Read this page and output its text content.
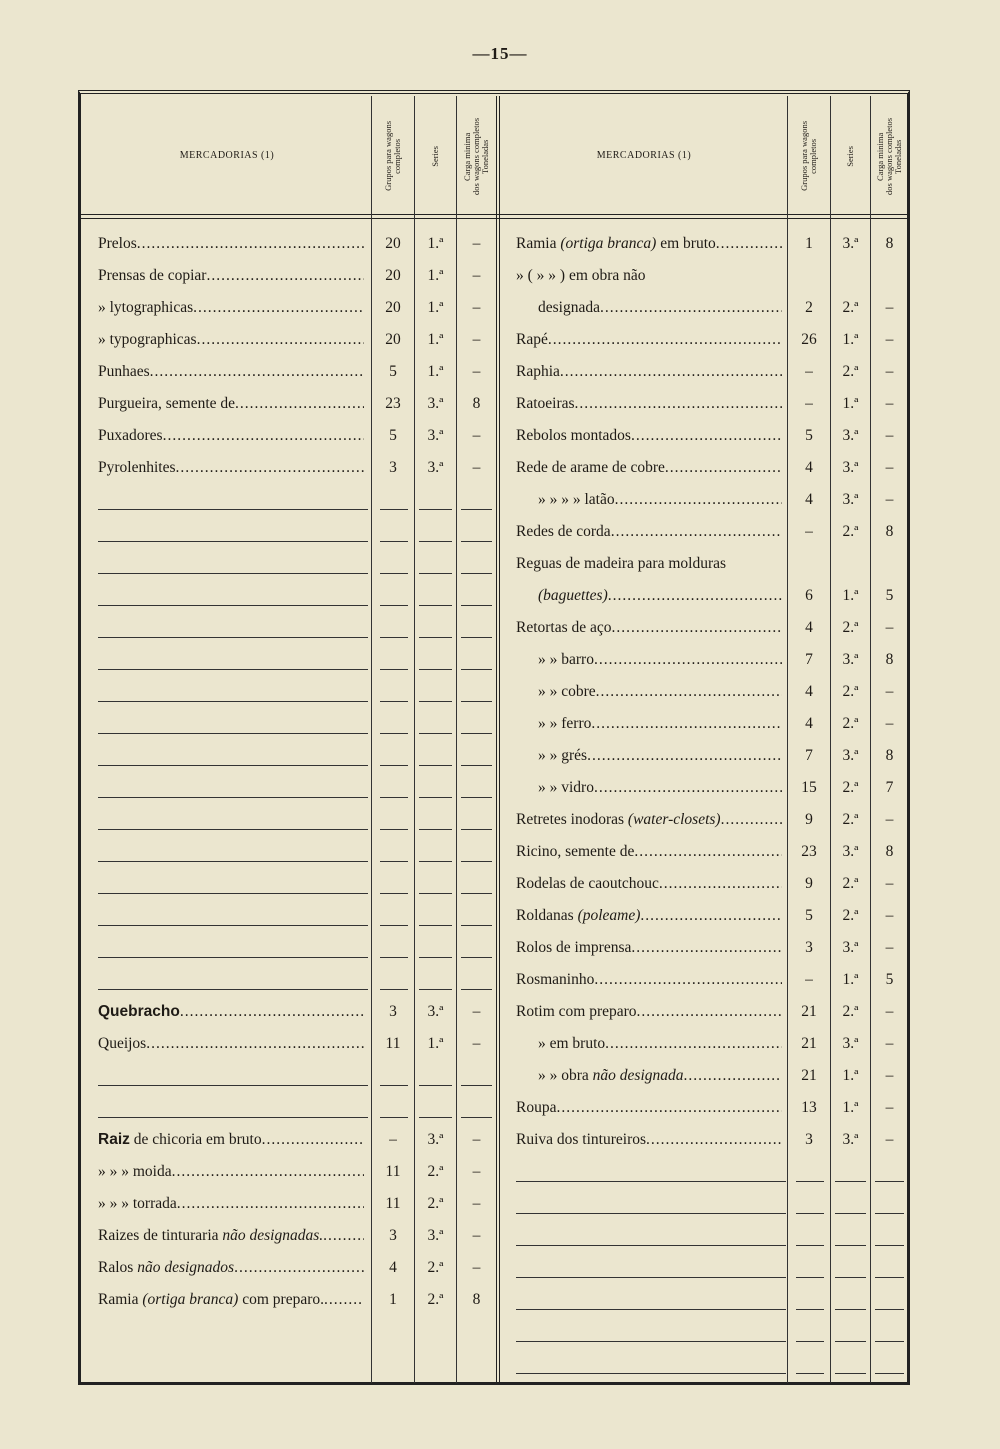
—15—
MERCADORIAS (1)
Grupos para wagons
completos	Series
Carga minima
dos wagons completos
Toneladas	MERCADORIAS (1)
Grupos para wagons
completos	Series
Carga minima
dos wagons completos
Toneladas
Prelos .....	20	1.ª	–
Prensas de copiar .....	20	1.ª	–
» lytographicas .....	20	1.ª	–
» typographicas .....	20	1.ª	–
Punhaes .....	5	1.ª	–
Purgueira, semente de .....	23	3.ª	8
Puxadores .....	5	3.ª	–
Pyrolenhites .....	3	3.ª	–
Quebracho .....	3	3.ª	–
Queijos .....	11	1.ª	–
Raiz de chicoria em bruto .....	–	3.ª	–
» » » moida .....	11	2.ª	–
» » » torrada .....	11	2.ª	–
Raizes de tinturaria não designadas. .....	3	3.ª	–
Ralos não designados .....	4	2.ª	–
Ramia (ortiga branca) com preparo. .....	1	2.ª	8
Ramia (ortiga branca) em bruto .....	1	3.ª	8
» ( » » ) em obra não
designada .....	2	2.ª	–
Rapé .....	26	1.ª	–
Raphia .....	–	2.ª	–
Ratoeiras .....	–	1.ª	–
Rebolos montados .....	5	3.ª	–
Rede de arame de cobre .....	4	3.ª	–
» » » » latão .....	4	3.ª	–
Redes de corda .....	–	2.ª	8
Reguas de madeira para molduras
(baguettes) .....	6	1.ª	5
Retortas de aço .....	4	2.ª	–
» » barro .....	7	3.ª	8
» » cobre .....	4	2.ª	–
» » ferro .....	4	2.ª	–
» » grés .....	7	3.ª	8
» » vidro .....	15	2.ª	7
Retretes inodoras (water-closets) .....	9	2.ª	–
Ricino, semente de .....	23	3.ª	8
Rodelas de caoutchouc .....	9	2.ª	–
Roldanas (poleame) .....	5	2.ª	–
Rolos de imprensa .....	3	3.ª	–
Rosmaninho .....	–	1.ª	5
Rotim com preparo .....	21	2.ª	–
» em bruto .....	21	3.ª	–
» » obra não designada .....	21	1.ª	–
Roupa .....	13	1.ª	–
Ruiva dos tintureiros .....	3	3.ª	–
